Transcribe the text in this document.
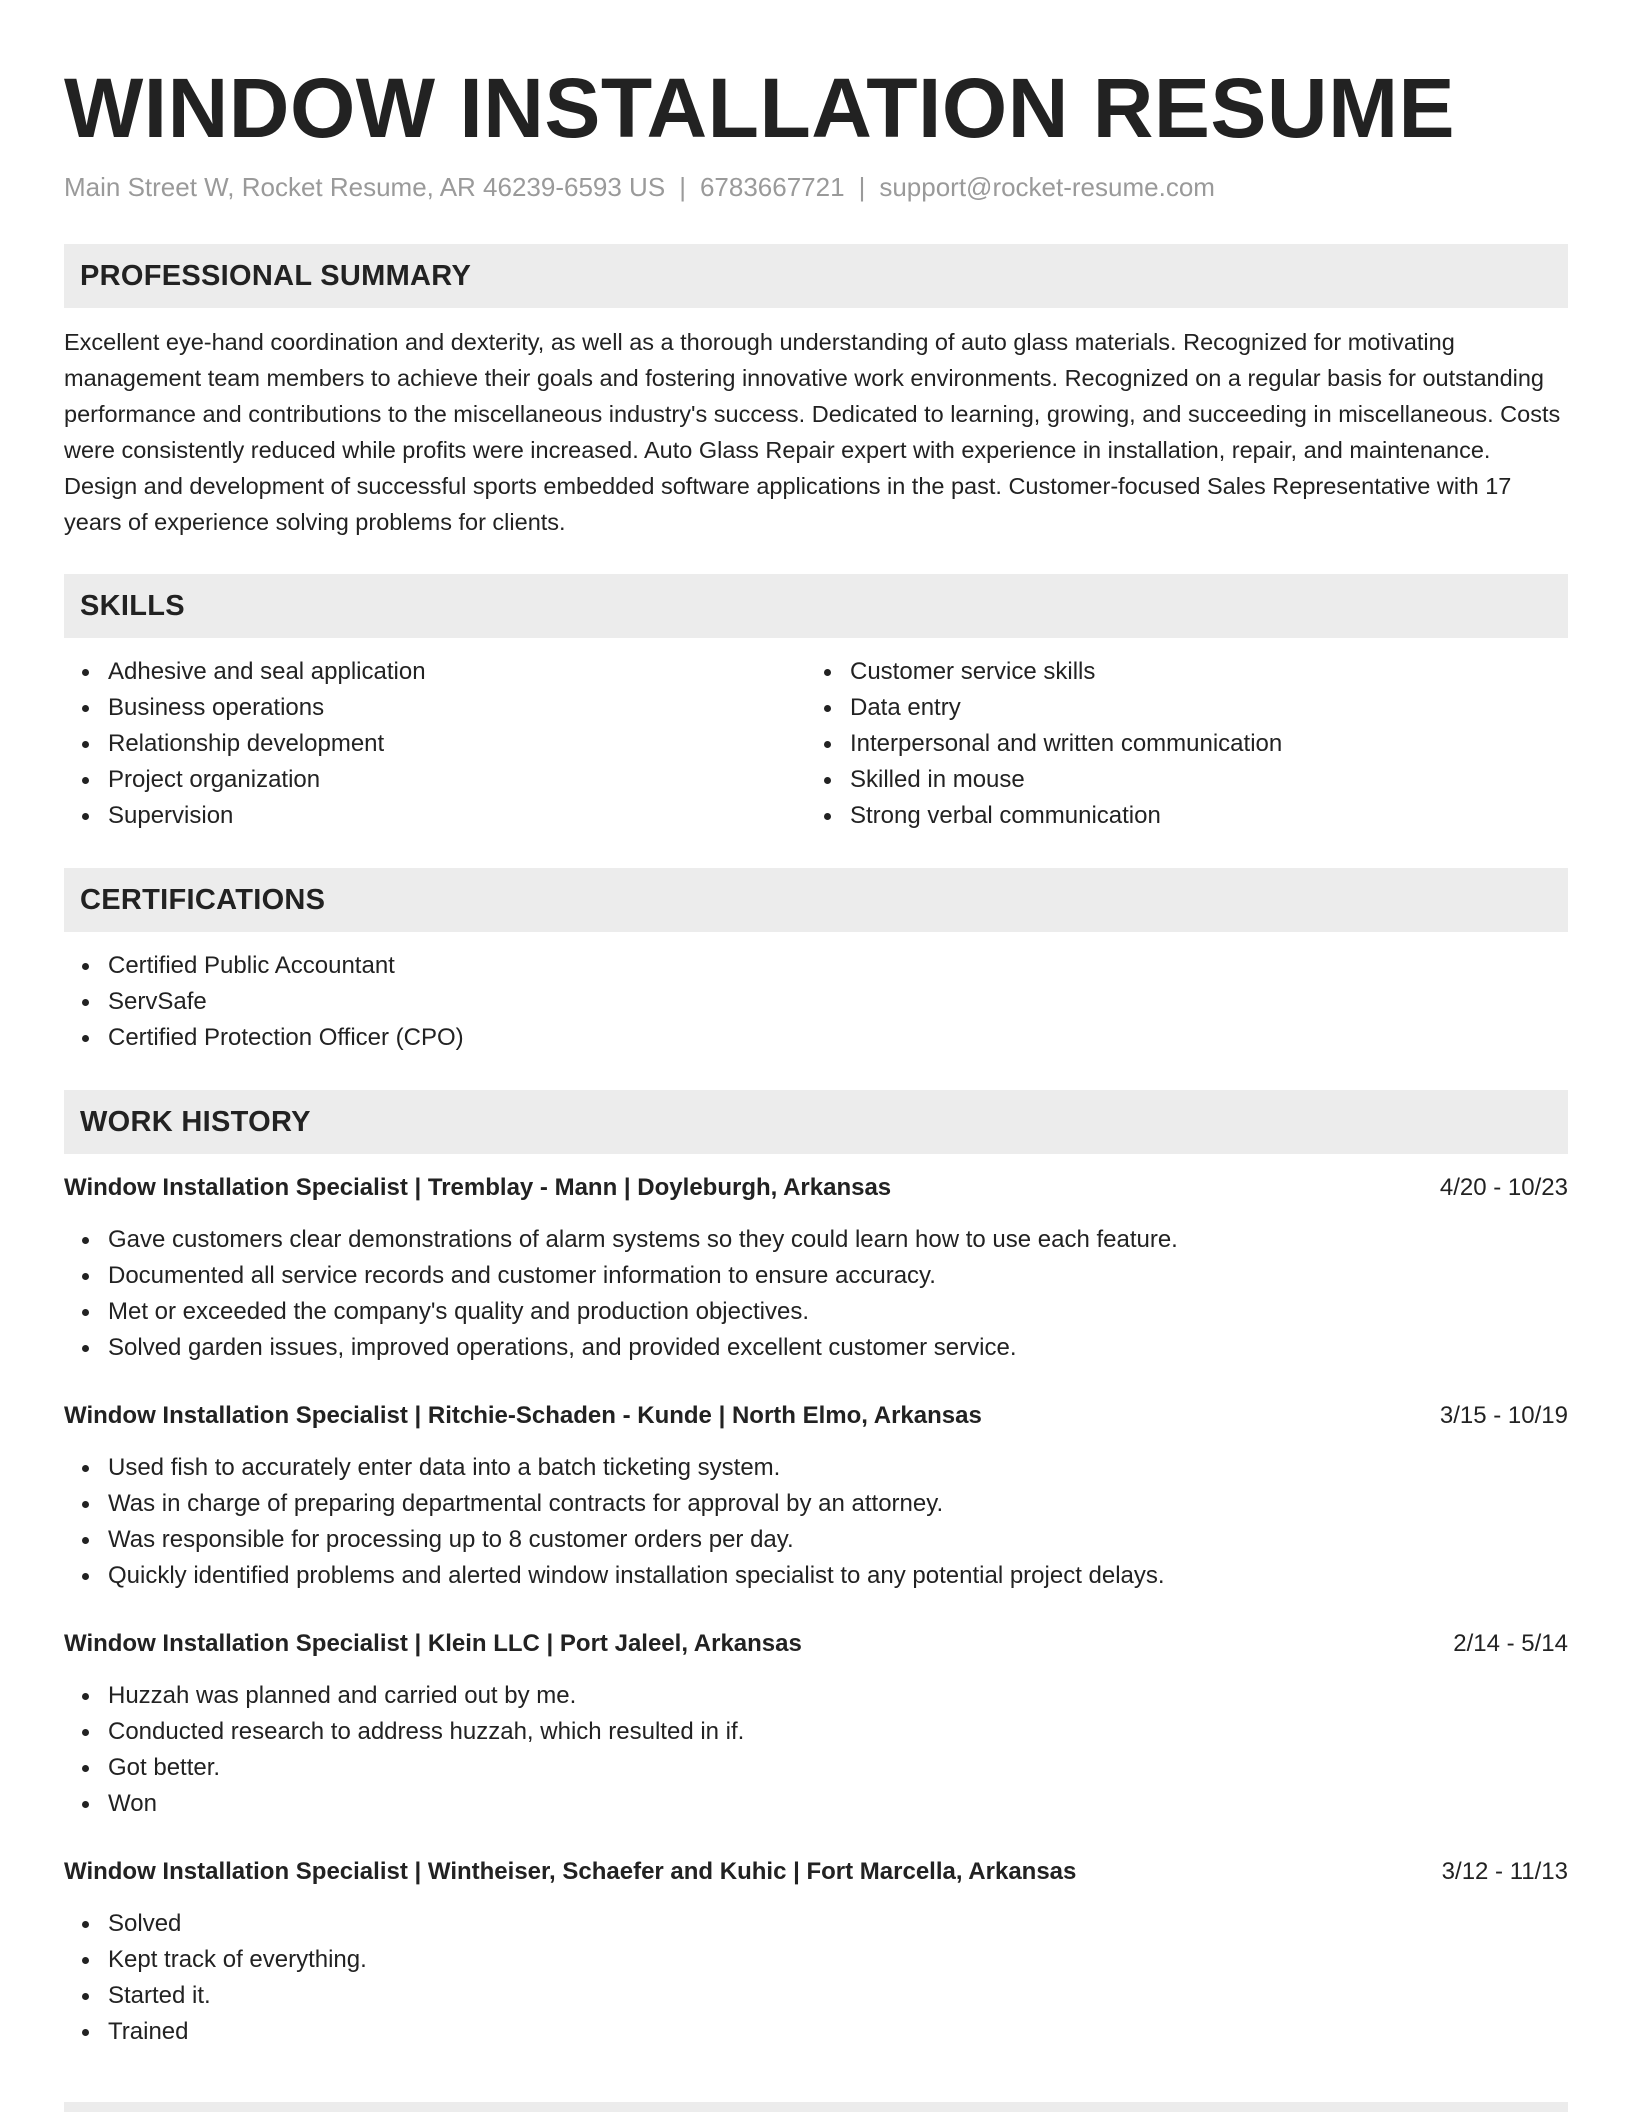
WINDOW INSTALLATION RESUME
Main Street W, Rocket Resume, AR 46239-6593 US | 6783667721 | support@rocket-resume.com
PROFESSIONAL SUMMARY

Excellent eye-hand coordination and dexterity, as well as a thorough understanding of auto glass materials. Recognized for motivating management team members to achieve their goals and fostering innovative work environments. Recognized on a regular basis for outstanding performance and contributions to the miscellaneous industry's success. Dedicated to learning, growing, and succeeding in miscellaneous. Costs were consistently reduced while profits were increased. Auto Glass Repair expert with experience in installation, repair, and maintenance. Design and development of successful sports embedded software applications in the past. Customer-focused Sales Representative with 17 years of experience solving problems for clients.

SKILLS
Adhesive and seal application
Business operations
Relationship development
Project organization
Supervision
Customer service skills
Data entry
Interpersonal and written communication
Skilled in mouse
Strong verbal communication
CERTIFICATIONS
Certified Public Accountant
ServSafe
Certified Protection Officer (CPO)
WORK HISTORY
Window Installation Specialist | Tremblay - Mann | Doyleburgh, Arkansas	4/20 - 10/23
Gave customers clear demonstrations of alarm systems so they could learn how to use each feature.
Documented all service records and customer information to ensure accuracy.
Met or exceeded the company's quality and production objectives.
Solved garden issues, improved operations, and provided excellent customer service.
Window Installation Specialist | Ritchie-Schaden - Kunde | North Elmo, Arkansas	3/15 - 10/19
Used fish to accurately enter data into a batch ticketing system.
Was in charge of preparing departmental contracts for approval by an attorney.
Was responsible for processing up to 8 customer orders per day.
Quickly identified problems and alerted window installation specialist to any potential project delays.
Window Installation Specialist | Klein LLC | Port Jaleel, Arkansas	2/14 - 5/14
Huzzah was planned and carried out by me.
Conducted research to address huzzah, which resulted in if.
Got better.
Won
Window Installation Specialist | Wintheiser, Schaefer and Kuhic | Fort Marcella, Arkansas	3/12 - 11/13
Solved
Kept track of everything.
Started it.
Trained
